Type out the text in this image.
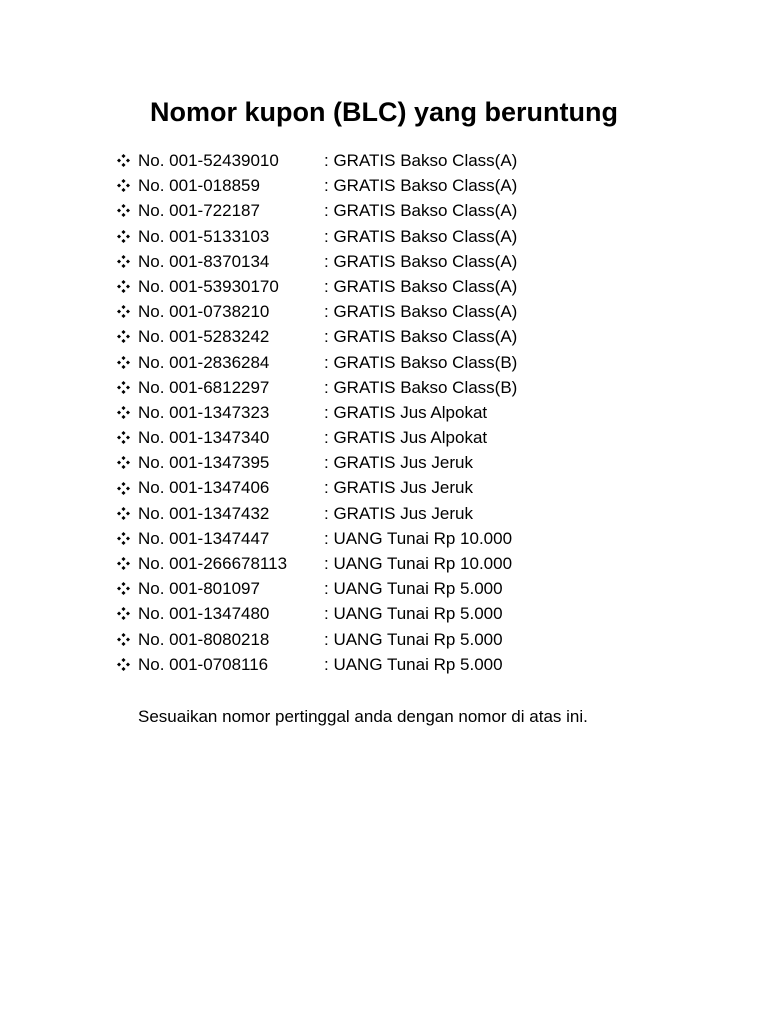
Nomor kupon (BLC) yang beruntung
No. 001-52439010	: GRATIS Bakso Class(A)
No. 001-018859	: GRATIS Bakso Class(A)
No. 001-722187	: GRATIS Bakso Class(A)
No. 001-5133103	: GRATIS Bakso Class(A)
No. 001-8370134	: GRATIS Bakso Class(A)
No. 001-53930170	: GRATIS Bakso Class(A)
No. 001-0738210	: GRATIS Bakso Class(A)
No. 001-5283242	: GRATIS Bakso Class(A)
No. 001-2836284	: GRATIS Bakso Class(B)
No. 001-6812297	: GRATIS Bakso Class(B)
No. 001-1347323	: GRATIS Jus Alpokat
No. 001-1347340	: GRATIS Jus Alpokat
No. 001-1347395	: GRATIS Jus Jeruk
No. 001-1347406	: GRATIS Jus Jeruk
No. 001-1347432	: GRATIS Jus Jeruk
No. 001-1347447	: UANG Tunai Rp 10.000
No. 001-266678113	: UANG Tunai Rp 10.000
No. 001-801097	: UANG Tunai Rp 5.000
No. 001-1347480	: UANG Tunai Rp 5.000
No. 001-8080218	: UANG Tunai Rp 5.000
No. 001-0708116	: UANG Tunai Rp 5.000

Sesuaikan nomor pertinggal anda dengan nomor di atas ini.
